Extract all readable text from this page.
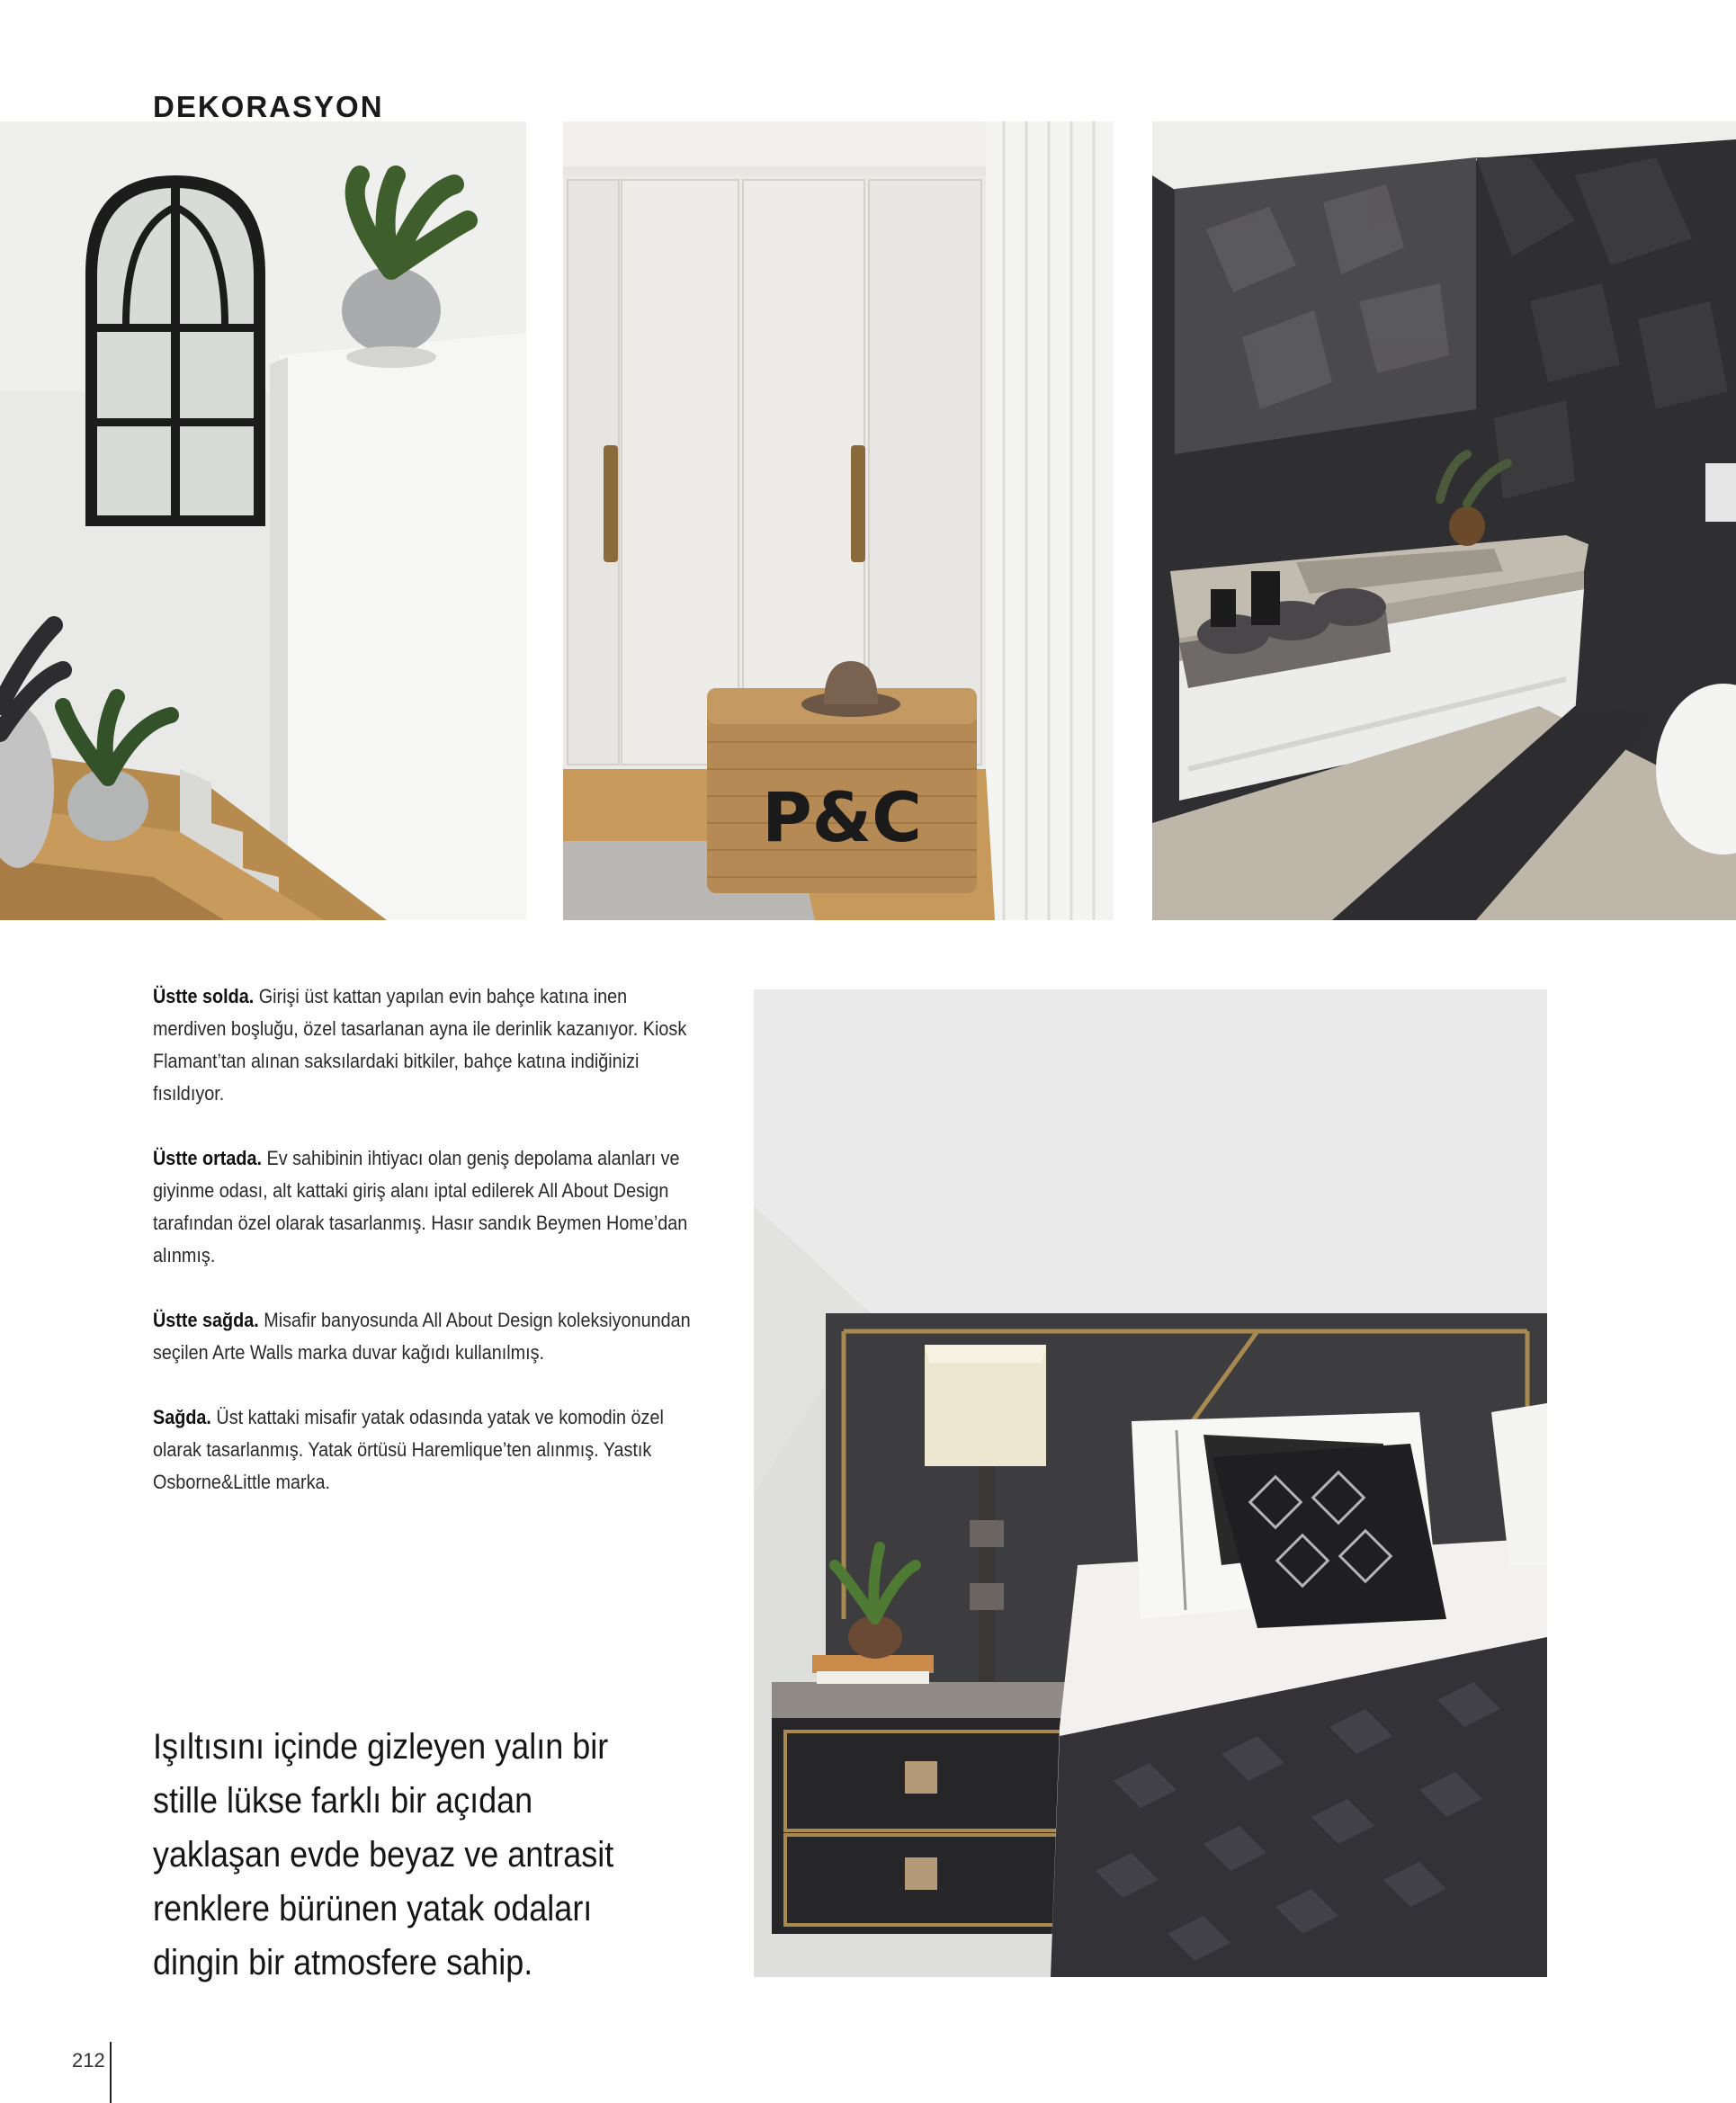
DEKORASYON
P&C

Üstte solda. Girişi üst kattan yapılan evin bahçe katına inen merdiven boşluğu, özel tasarlanan ayna ile derinlik kazanıyor. Kiosk Flamant’tan alınan saksılardaki bitkiler, bahçe katına indiğinizi fısıldıyor.

Üstte ortada. Ev sahibinin ihtiyacı olan geniş depolama alanları ve giyinme odası, alt kattaki giriş alanı iptal edilerek All About Design tarafından özel olarak tasarlanmış. Hasır sandık Beymen Home’dan alınmış.

Üstte sağda. Misafir banyosunda All About Design koleksiyonundan seçilen Arte Walls marka duvar kağıdı kullanılmış.

Sağda. Üst kattaki misafir yatak odasında yatak ve komodin özel olarak tasarlanmış. Yatak örtüsü Haremlique’ten alınmış. Yastık Osborne&Little marka.

Işıltısını içinde gizleyen yalın bir stille lükse farklı bir açıdan yaklaşan evde beyaz ve antrasit renklere bürünen yatak odaları dingin bir atmosfere sahip.
212
